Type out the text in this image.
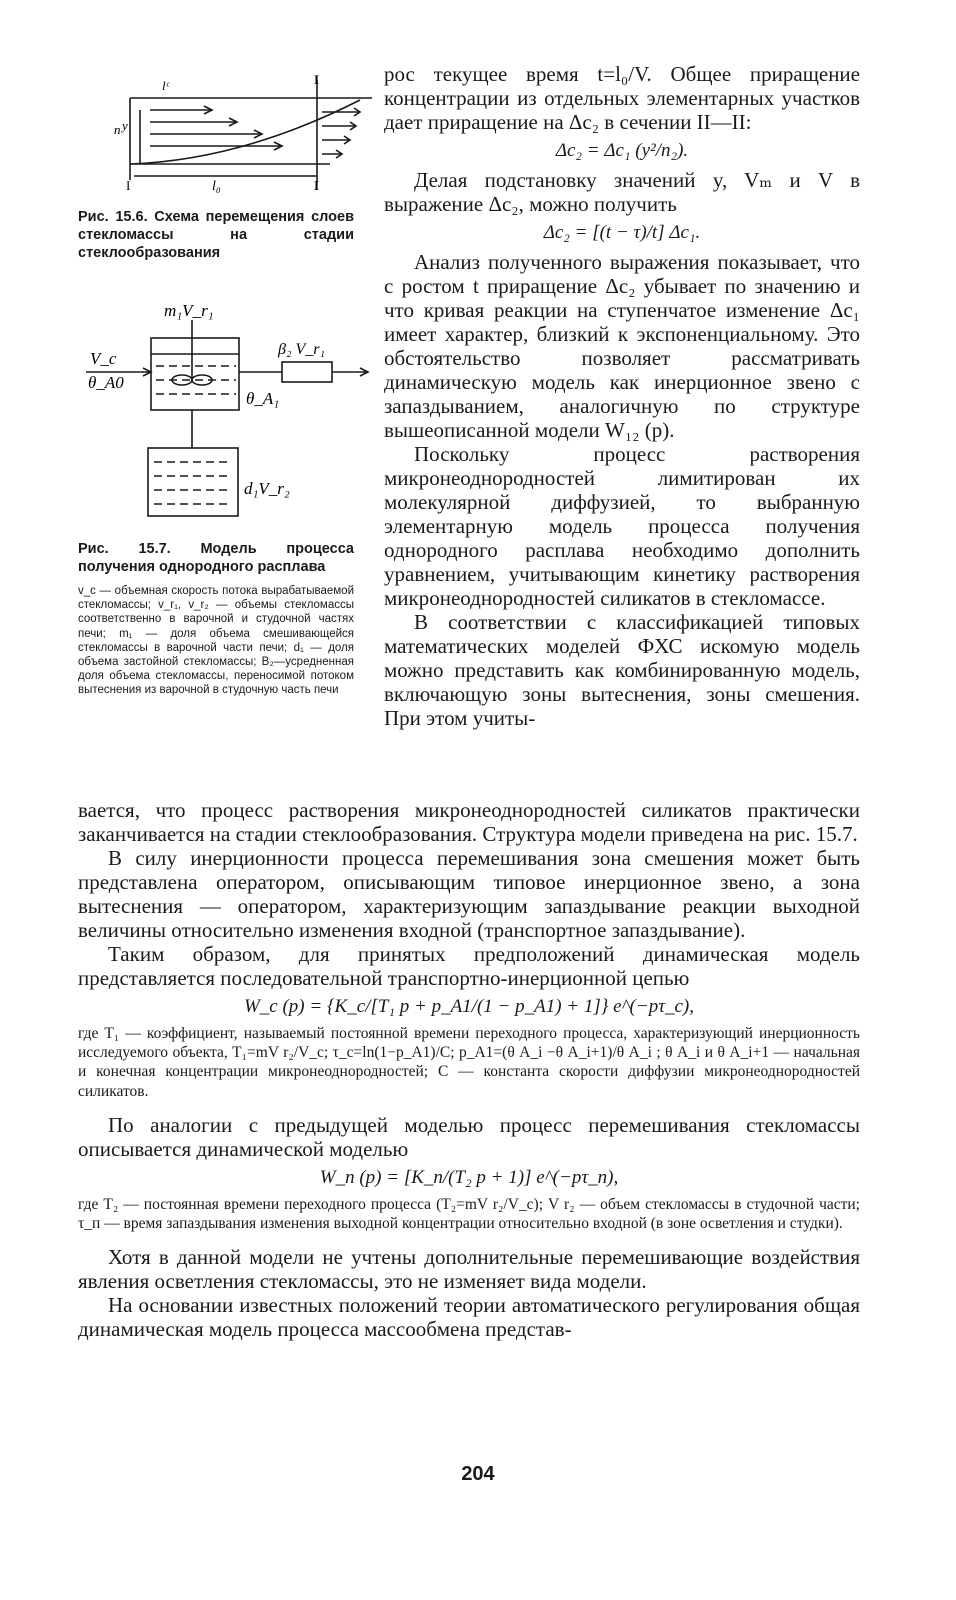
n
lᶜ
y
l₀
I
I
I
Рис. 15.6. Схема перемещения слоев стекломассы на стадии стеклообразования
V_c
θ_A0
m₁V_r₁
β₂ V_r₁
θ_A₁
d₁V_r₂
Рис. 15.7. Модель процесса получения однородного расплава

v_c — объемная скорость потока вырабатываемой стекломассы; v_r₁, v_r₂ — объемы стекломассы соответственно в варочной и студочной частях печи; m₁ — доля объема смешивающейся стекломассы в варочной части печи; d₁ — доля объема застойной стекломассы; B₂—усредненная доля объема стекломассы, переносимой потоком вытеснения из варочной в студочную часть печи

рос текущее время t=l₀/V. Общее приращение концентрации из отдельных элементарных участков дает приращение на Δc₂ в сечении II—II:

Δc₂ = Δc₁ (y²/n₂).

Делая подстановку значений y, Vₘ и V в выражение Δc₂, можно получить

Δc₂ = [(t − τ)/t] Δc₁.

Анализ полученного выражения показывает, что с ростом t приращение Δc₂ убывает по значению и что кривая реакции на ступенчатое изменение Δc₁ имеет характер, близкий к экспоненциальному. Это обстоятельство позволяет рассматривать динамическую модель как инерционное звено с запаздыванием, аналогичную по структуре вышеописанной модели W₁₂ (p).

Поскольку процесс растворения микронеоднородностей лимитирован их молекулярной диффузией, то выбранную элементарную модель процесса получения однородного расплава необходимо дополнить уравнением, учитывающим кинетику растворения микронеоднородностей силикатов в стекломассе.

В соответствии с классификацией типовых математических моделей ФХС искомую модель можно представить как комбинированную модель, включающую зоны вытеснения, зоны смешения. При этом учиты-

вается, что процесс растворения микронеоднородностей силикатов практически заканчивается на стадии стеклообразования. Структура модели приведена на рис. 15.7.

В силу инерционности процесса перемешивания зона смешения может быть представлена оператором, описывающим типовое инерционное звено, а зона вытеснения — оператором, характеризующим запаздывание реакции выходной величины относительно изменения входной (транспортное запаздывание).

Таким образом, для принятых предположений динамическая модель представляется последовательной транспортно-инерционной цепью

W_c (p) = {K_c/[T₁ p + p_A1/(1 − p_A1) + 1]} e^(−pτ_c),

где T₁ — коэффициент, называемый постоянной времени переходного процесса, характеризующий инерционность исследуемого объекта, T₁=mV r₂/V_c; τ_c=ln(1−p_A1)/C; p_A1=(θ A_i −θ A_i+1)/θ A_i ; θ A_i и θ A_i+1 — начальная и конечная концентрации микронеоднородностей; C — константа скорости диффузии микронеоднородностей силикатов.

По аналогии с предыдущей моделью процесс перемешивания стекломассы описывается динамической моделью

W_п (p) = [K_п/(T₂ p + 1)] e^(−pτ_п),

где T₂ — постоянная времени переходного процесса (T₂=mV r₂/V_c); V r₂ — объем стекломассы в студочной части; τ_п — время запаздывания изменения выходной концентрации относительно входной (в зоне осветления и студки).

Хотя в данной модели не учтены дополнительные перемешивающие воздействия явления осветления стекломассы, это не изменяет вида модели.

На основании известных положений теории автоматического регулирования общая динамическая модель процесса массообмена представ-

204
